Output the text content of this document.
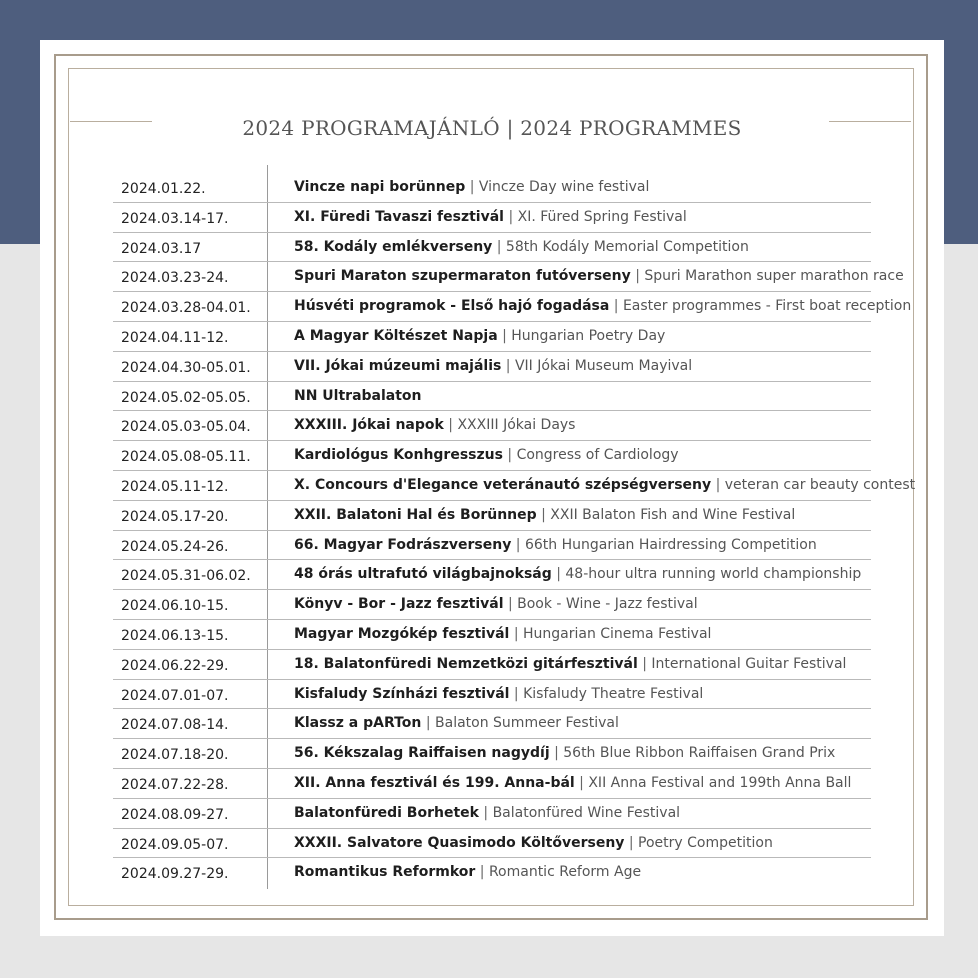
2024 PROGRAMAJÁNLÓ | 2024 PROGRAMMES
2024.01.22.	Vincze napi borünnep | Vincze Day wine festival
2024.03.14-17.	XI. Füredi Tavaszi fesztivál | XI. Füred Spring Festival
2024.03.17	58. Kodály emlékverseny | 58th Kodály Memorial Competition
2024.03.23-24.	Spuri Maraton szupermaraton futóverseny | Spuri Marathon super marathon race
2024.03.28-04.01.	Húsvéti programok - Első hajó fogadása | Easter programmes - First boat reception
2024.04.11-12.	A Magyar Költészet Napja | Hungarian Poetry Day
2024.04.30-05.01.	VII. Jókai múzeumi majális | VII Jókai Museum Mayival
2024.05.02-05.05.	NN Ultrabalaton
2024.05.03-05.04.	XXXIII. Jókai napok | XXXIII Jókai Days
2024.05.08-05.11.	Kardiológus Konhgresszus | Congress of Cardiology
2024.05.11-12.	X. Concours d'Elegance veteránautó szépségverseny | veteran car beauty contest
2024.05.17-20.	XXII. Balatoni Hal és Borünnep | XXII Balaton Fish and Wine Festival
2024.05.24-26.	66. Magyar Fodrászverseny | 66th Hungarian Hairdressing Competition
2024.05.31-06.02.	48 órás ultrafutó világbajnokság | 48-hour ultra running world championship
2024.06.10-15.	Könyv - Bor - Jazz fesztivál | Book - Wine - Jazz festival
2024.06.13-15.	Magyar Mozgókép fesztivál | Hungarian Cinema Festival
2024.06.22-29.	18. Balatonfüredi Nemzetközi gitárfesztivál | International Guitar Festival
2024.07.01-07.	Kisfaludy Színházi fesztivál | Kisfaludy Theatre Festival
2024.07.08-14.	Klassz a pARTon | Balaton Summeer Festival
2024.07.18-20.	56. Kékszalag Raiffaisen nagydíj | 56th Blue Ribbon Raiffaisen Grand Prix
2024.07.22-28.	XII. Anna fesztivál és 199. Anna-bál | XII Anna Festival and 199th Anna Ball
2024.08.09-27.	Balatonfüredi Borhetek | Balatonfüred Wine Festival
2024.09.05-07.	XXXII. Salvatore Quasimodo Költőverseny | Poetry Competition
2024.09.27-29.	Romantikus Reformkor | Romantic Reform Age
